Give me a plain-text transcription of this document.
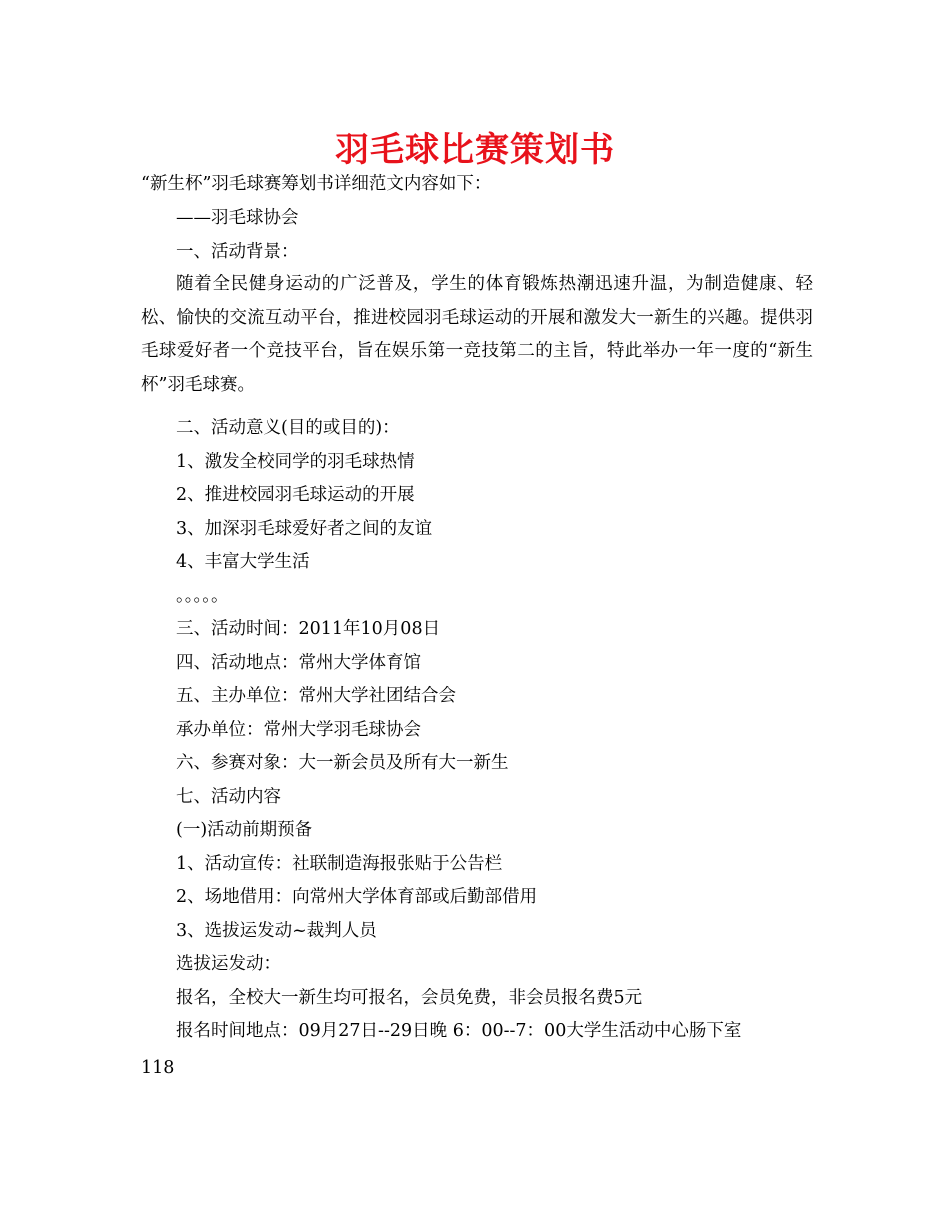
羽毛球比赛策划书
“新生杯”羽毛球赛筹划书详细范文内容如下：
——羽毛球协会
一、活动背景：
随着全民健身运动的广泛普及，学生的体育锻炼热潮迅速升温，为制造健康、轻松、愉快的交流互动平台，推进校园羽毛球运动的开展和激发大一新生的兴趣。提供羽毛球爱好者一个竞技平台，旨在娱乐第一竞技第二的主旨，特此举办一年一度的“新生杯”羽毛球赛。
二、活动意义(目的或目的)：
1、激发全校同学的羽毛球热情
2、推进校园羽毛球运动的开展
3、加深羽毛球爱好者之间的友谊
4、丰富大学生活
。。。。。
三、活动时间：2011年10月08日
四、活动地点：常州大学体育馆
五、主办单位：常州大学社团结合会
承办单位：常州大学羽毛球协会
六、参赛对象：大一新会员及所有大一新生
七、活动内容
(一)活动前期预备
1、活动宣传：社联制造海报张贴于公告栏
2、场地借用：向常州大学体育部或后勤部借用
3、选拔运发动~裁判人员
选拔运发动：
报名，全校大一新生均可报名，会员免费，非会员报名费5元
报名时间地点：09月27日--29日晚 6：00--7：00大学生活动中心肠下室
118
